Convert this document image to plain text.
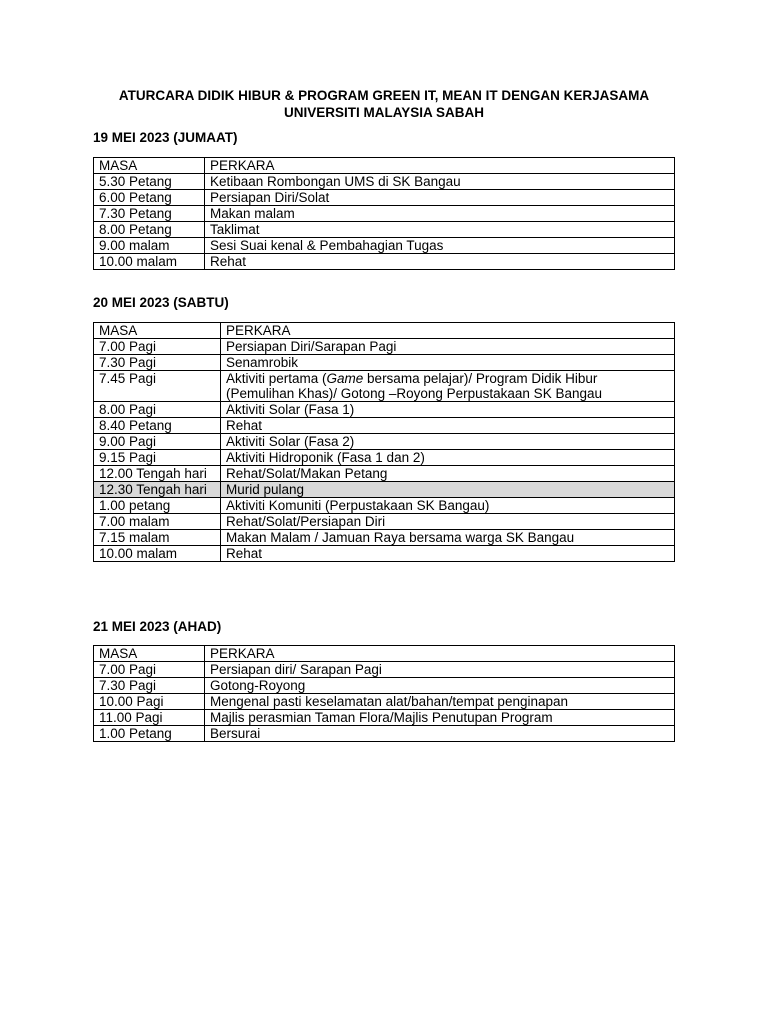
ATURCARA DIDIK HIBUR & PROGRAM GREEN IT, MEAN IT DENGAN KERJASAMA
UNIVERSITI MALAYSIA SABAH
19 MEI 2023 (JUMAAT)
MASA	PERKARA
5.30 Petang	Ketibaan Rombongan UMS di SK Bangau
6.00 Petang	Persiapan Diri/Solat
7.30 Petang	Makan malam
8.00 Petang	Taklimat
9.00 malam	Sesi Suai kenal & Pembahagian Tugas
10.00 malam	Rehat
20 MEI 2023 (SABTU)
MASA	PERKARA
7.00 Pagi	Persiapan Diri/Sarapan Pagi
7.30 Pagi	Senamrobik
7.45 Pagi	Aktiviti pertama (Game bersama pelajar)/ Program Didik Hibur (Pemulihan Khas)/ Gotong –Royong Perpustakaan SK Bangau
8.00 Pagi	Aktiviti Solar (Fasa 1)
8.40 Petang	Rehat
9.00 Pagi	Aktiviti Solar (Fasa 2)
9.15 Pagi	Aktiviti Hidroponik (Fasa 1 dan 2)
12.00 Tengah hari	Rehat/Solat/Makan Petang
12.30 Tengah hari	Murid pulang
1.00 petang	Aktiviti Komuniti (Perpustakaan SK Bangau)
7.00 malam	Rehat/Solat/Persiapan Diri
7.15 malam	Makan Malam / Jamuan Raya bersama warga SK Bangau
10.00 malam	Rehat
21 MEI 2023 (AHAD)
MASA	PERKARA
7.00 Pagi	Persiapan diri/ Sarapan Pagi
7.30 Pagi	Gotong-Royong
10.00 Pagi	Mengenal pasti keselamatan alat/bahan/tempat penginapan
11.00 Pagi	Majlis perasmian Taman Flora/Majlis Penutupan Program
1.00 Petang	Bersurai
